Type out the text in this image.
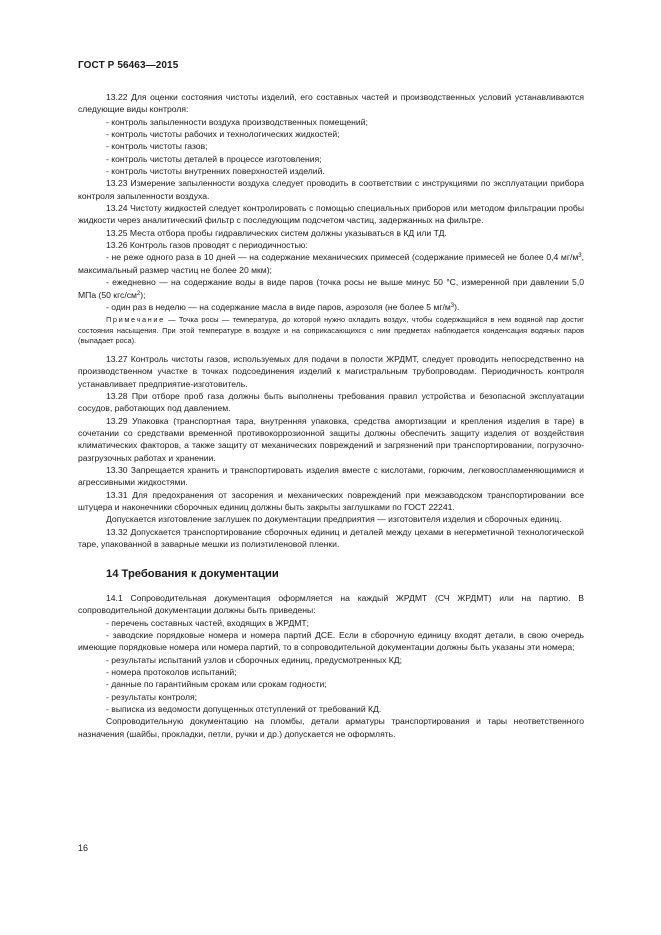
ГОСТ Р 56463—2015

13.22 Для оценки состояния чистоты изделий, его составных частей и производственных условий устанавливаются следующие виды контроля:

- контроль запыленности воздуха производственных помещений;

- контроль чистоты рабочих и технологических жидкостей;

- контроль чистоты газов;

- контроль чистоты деталей в процессе изготовления;

- контроль чистоты внутренних поверхностей изделий.

13.23 Измерение запыленности воздуха следует проводить в соответствии с инструкциями по эксплуатации прибора контроля запыленности воздуха.

13.24 Чистоту жидкостей следует контролировать с помощью специальных приборов или методом фильтрации пробы жидкости через аналитический фильтр с последующим подсчетом частиц, задержанных на фильтре.

13.25 Места отбора пробы гидравлических систем должны указываться в КД или ТД.

13.26 Контроль газов проводят с периодичностью:

- не реже одного раза в 10 дней — на содержание механических примесей (содержание примесей не более 0,4 $мг/м^3$, максимальный размер частиц не более 20 мкм);

- ежедневно — на содержание воды в виде паров (точка росы не выше минус 50 °С, измеренной при давлении 5,0 МПа (50 кгс/$см^2$);

- один раз в неделю — на содержание масла в виде паров, аэрозоля (не более 5 $мг/м^3$).

Примечание — Точка росы — температура, до которой нужно охладить воздух, чтобы содержащийся в нем водяной пар достиг состояния насыщения. При этой температуре в воздухе и на соприкасающихся с ним предметах наблюдается конденсация водяных паров (выпадает роса).

13.27 Контроль чистоты газов, используемых для подачи в полости ЖРДМТ, следует проводить непосредственно на производственном участке в точках подсоединения изделий к магистральным трубопроводам. Периодичность контроля устанавливает предприятие-изготовитель.

13.28 При отборе проб газа должны быть выполнены требования правил устройства и безопасной эксплуатации сосудов, работающих под давлением.

13.29 Упаковка (транспортная тара, внутренняя упаковка, средства амортизации и крепления изделия в таре) в сочетании со средствами временной противокоррозионной защиты должны обеспечить защиту изделия от воздействия климатических факторов, а также защиту от механических повреждений и загрязнений при транспортировании, погрузочно-разгрузочных работах и хранении.

13.30 Запрещается хранить и транспортировать изделия вместе с кислотами, горючим, легковоспламеняющимися и агрессивными жидкостями.

13.31 Для предохранения от засорения и механических повреждений при межзаводском транспортировании все штуцера и наконечники сборочных единиц должны быть закрыты заглушками по ГОСТ 22241.

Допускается изготовление заглушек по документации предприятия — изготовителя изделия и сборочных единиц.

13.32 Допускается транспортирование сборочных единиц и деталей между цехами в негерметичной технологической таре, упакованной в заварные мешки из полиэтиленовой пленки.

14 Требования к документации

14.1 Сопроводительная документация оформляется на каждый ЖРДМТ (СЧ ЖРДМТ) или на партию. В сопроводительной документации должны быть приведены:

- перечень составных частей, входящих в ЖРДМТ;

- заводские порядковые номера и номера партий ДСЕ. Если в сборочную единицу входят детали, в свою очередь имеющие порядковые номера или номера партий, то в сопроводительной документации должны быть указаны эти номера;

- результаты испытаний узлов и сборочных единиц, предусмотренных КД;

- номера протоколов испытаний;

- данные по гарантийным срокам или срокам годности;

- результаты контроля;

- выписка из ведомости допущенных отступлений от требований КД.

Сопроводительную документацию на пломбы, детали арматуры транспортирования и тары неответственного назначения (шайбы, прокладки, петли, ручки и др.) допускается не оформлять.

16
